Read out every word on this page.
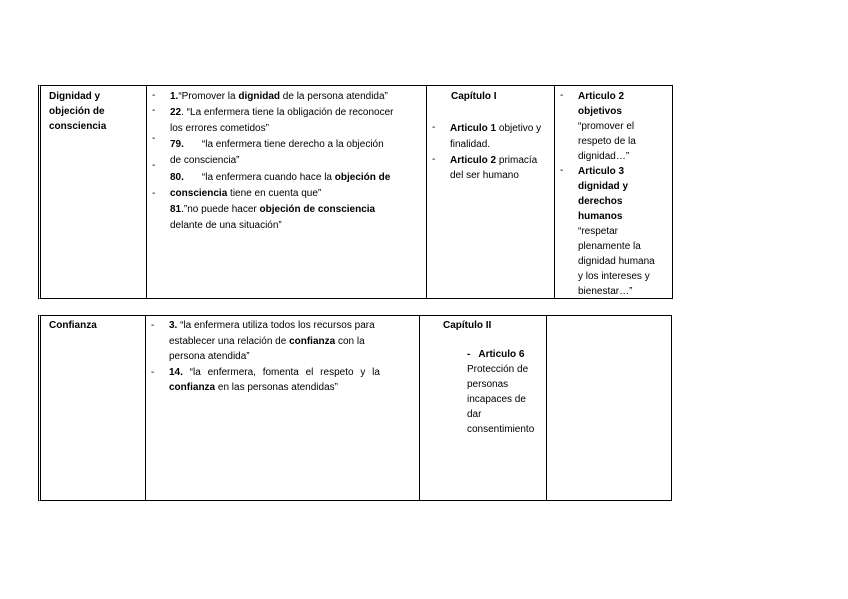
Dignidad y
objeción de
consciencia
-
-
-
-
-
1.“Promover la dignidad de la persona atendida”
22. “La enfermera tiene la obligación de reconocer
los errores cometidos”
79. “la enfermera tiene derecho a la objeción
de consciencia”
80. “la enfermera cuando hace la objeción de
consciencia tiene en cuenta que”
81.”no puede hacer objeción de consciencia
delante de una situación”
Capítulo I
- Articulo 1 objetivo y
finalidad.
- Articulo 2 primacía
del ser humano
- Articulo 2
objetivos
“promover el
respeto de la
dignidad…”
- Articulo 3
dignidad y
derechos
humanos
“respetar
plenamente la
dignidad humana
y los intereses y
bienestar…”
Confianza	-
-
3. “la enfermera utiliza todos los recursos para
establecer una relación de confianza con la
persona atendida”
14. “la enfermera, fomenta el respeto y la
confianza en las personas atendidas”
Capítulo II
- Articulo 6
Protección de
personas
incapaces de
dar
consentimiento
